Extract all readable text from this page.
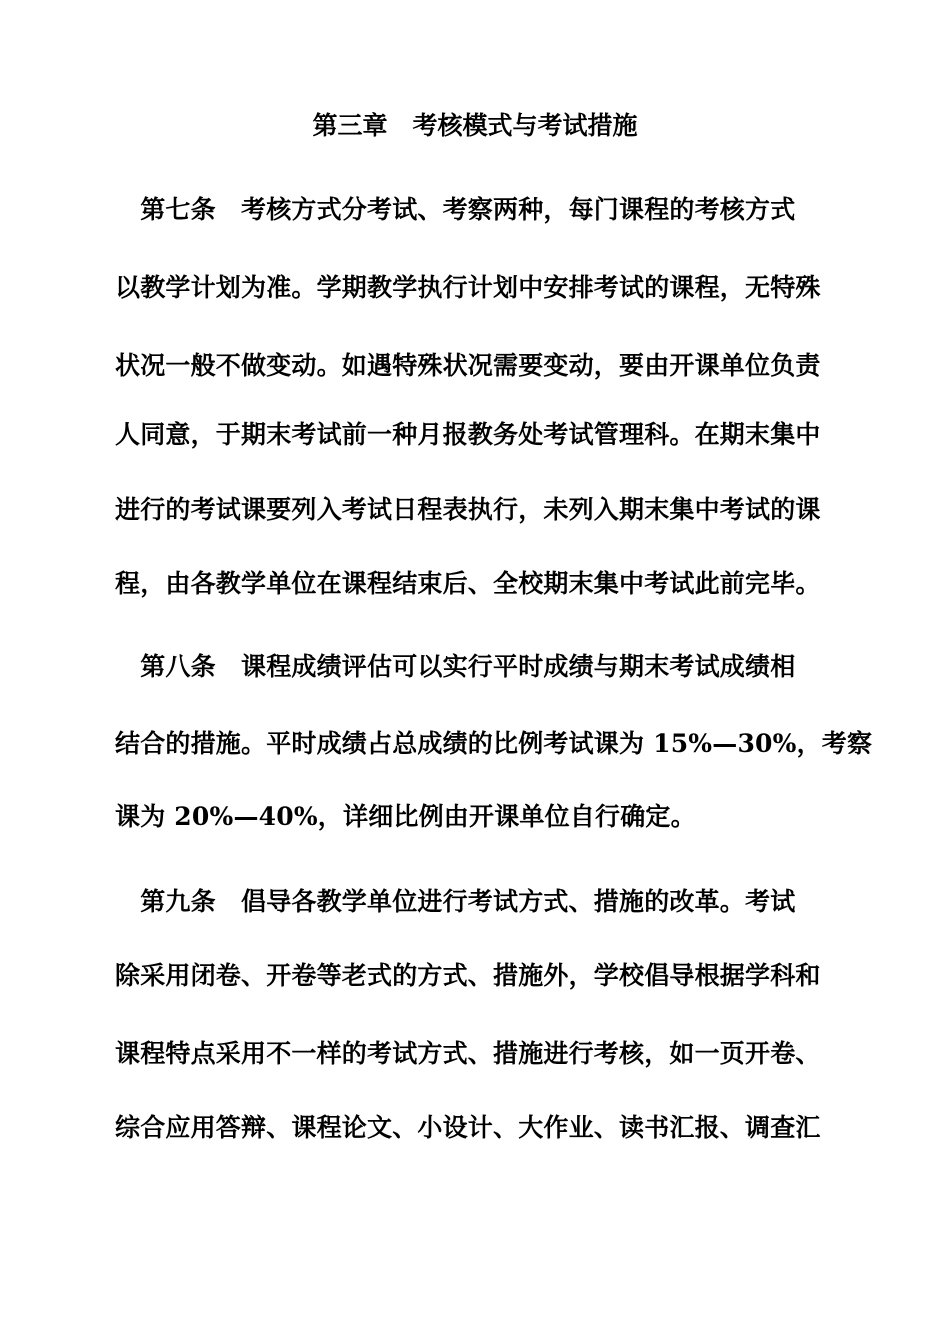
第三章　考核模式与考试措施
　第七条　考核方式分考试、考察两种，每门课程的考核方式
以教学计划为准。学期教学执行计划中安排考试的课程，无特殊
状况一般不做变动。如遇特殊状况需要变动，要由开课单位负责
人同意，于期末考试前一种月报教务处考试管理科。在期末集中
进行的考试课要列入考试日程表执行，未列入期末集中考试的课
程，由各教学单位在课程结束后、全校期末集中考试此前完毕。
　第八条　课程成绩评估可以实行平时成绩与期末考试成绩相
结合的措施。平时成绩占总成绩的比例考试课为 15%—30%，考察
课为 20%—40%，详细比例由开课单位自行确定。
　第九条　倡导各教学单位进行考试方式、措施的改革。考试
除采用闭卷、开卷等老式的方式、措施外，学校倡导根据学科和
课程特点采用不一样的考试方式、措施进行考核，如一页开卷、
综合应用答辩、课程论文、小设计、大作业、读书汇报、调查汇
